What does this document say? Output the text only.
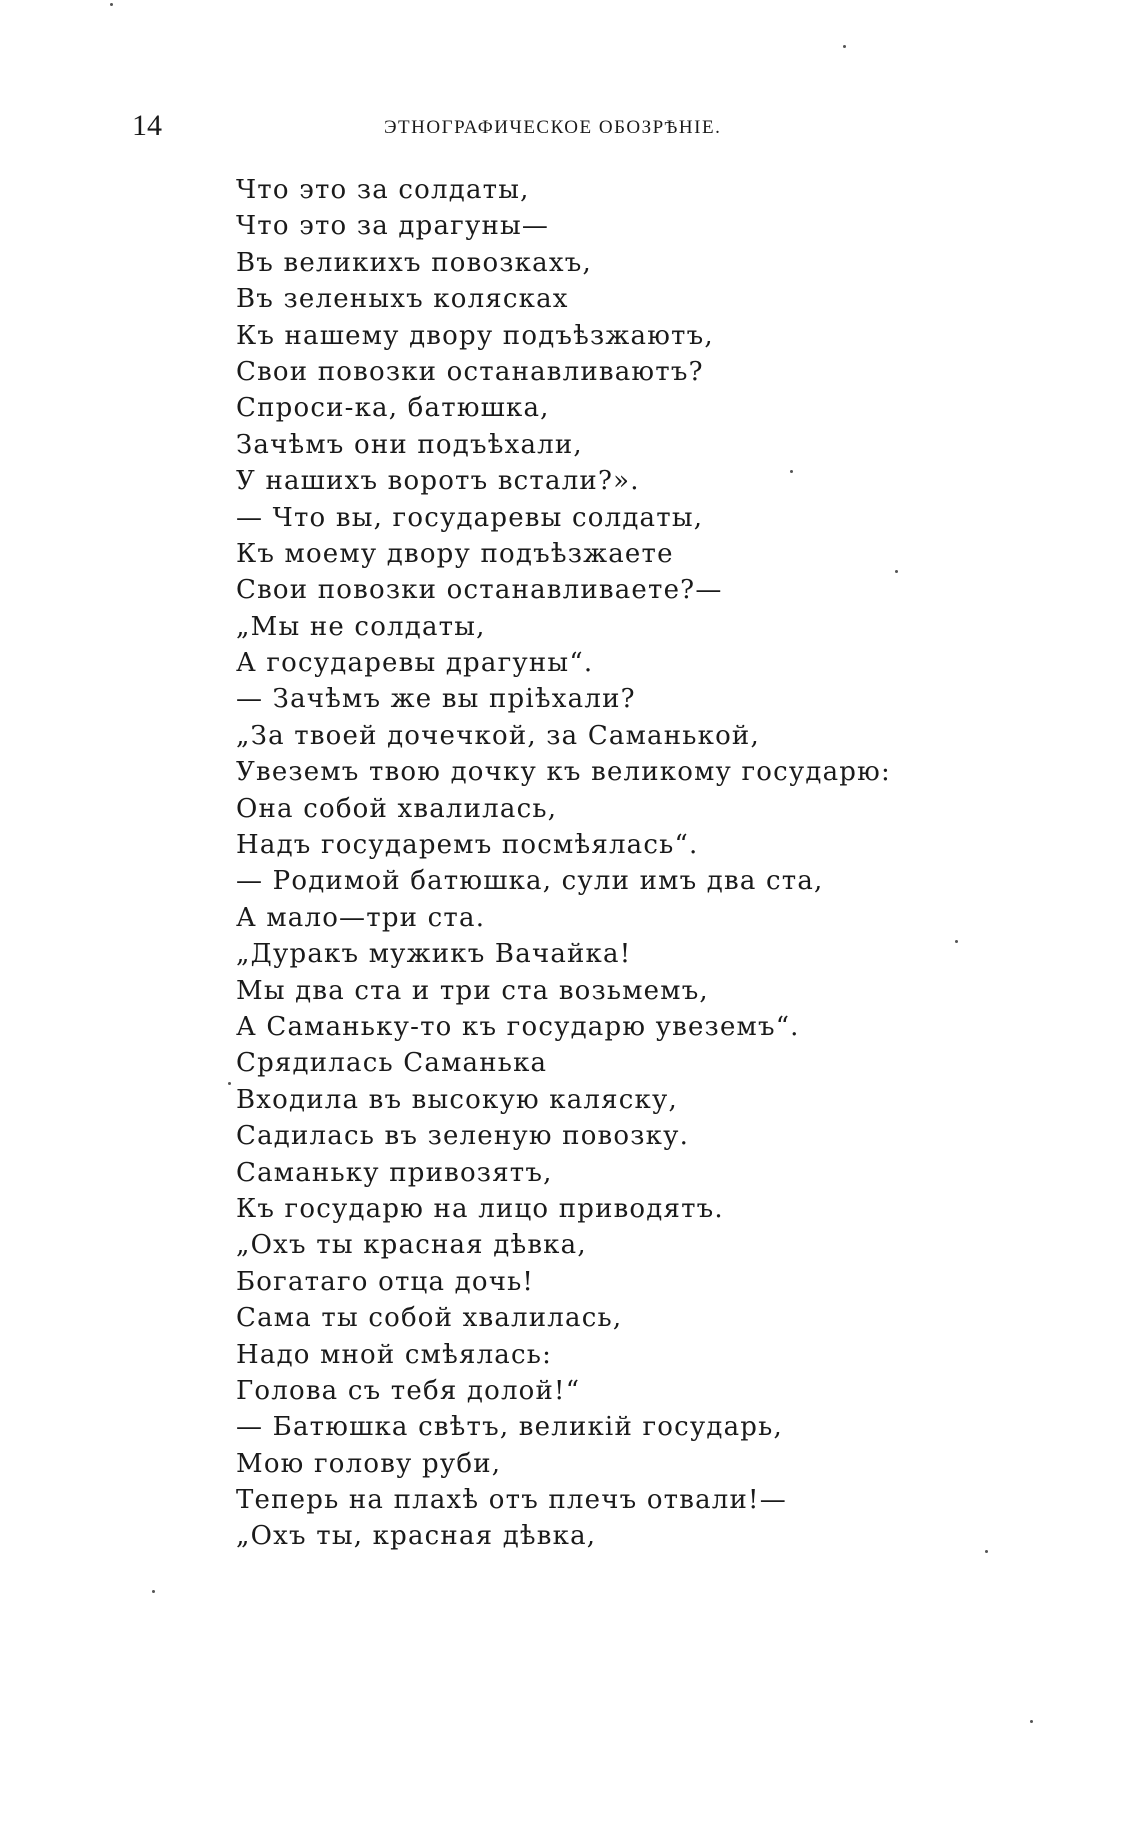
14	ЭТНОГРАФИЧЕСКОЕ ОБОЗРѢНІЕ.
Что это за солдаты,
Что это за драгуны—
Въ великихъ повозкахъ,
Въ зеленыхъ колясках
Къ нашему двору подъѣзжаютъ,
Свои повозки останавливаютъ?
Спроси-ка, батюшка,
Зачѣмъ они подъѣхали,
У нашихъ воротъ встали?».
— Что вы, государевы солдаты,
Къ моему двору подъѣзжаете
Свои повозки останавливаете?—
„Мы не солдаты,
А государевы драгуны“.
— Зачѣмъ же вы пріѣхали?
„За твоей дочечкой, за Саманькой,
Увеземъ твою дочку къ великому государю:
Она собой хвалилась,
Надъ государемъ посмѣялась“.
— Родимой батюшка, сули имъ два ста,
А мало—три ста.
„Дуракъ мужикъ Вачайка!
Мы два ста и три ста возьмемъ,
А Саманьку-то къ государю увеземъ“.
Срядилась Саманька
Входила въ высокую каляску,
Садилась въ зеленую повозку.
Саманьку привозятъ,
Къ государю на лицо приводятъ.
„Охъ ты красная дѣвка,
Богатаго отца дочь!
Сама ты собой хвалилась,
Надо мной смѣялась:
Голова съ тебя долой!“
— Батюшка свѣтъ, великій государь,
Мою голову руби,
Теперь на плахѣ отъ плечъ отвали!—
„Охъ ты, красная дѣвка,
